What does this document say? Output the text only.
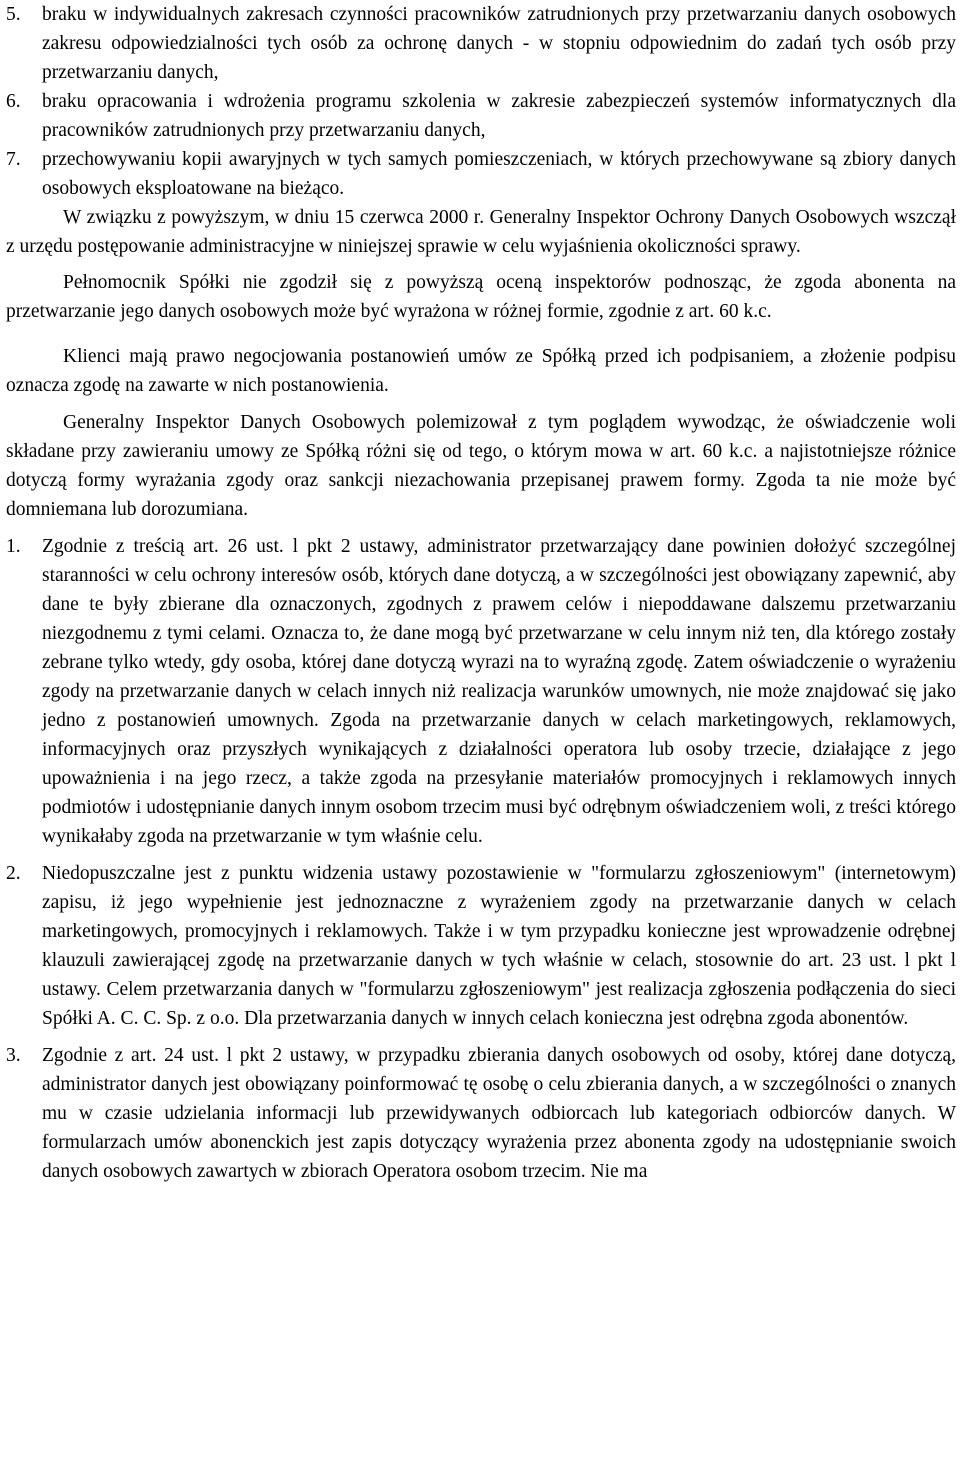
5.	braku w indywidualnych zakresach czynności pracowników zatrudnionych przy przetwarzaniu danych osobowych zakresu odpowiedzialności tych osób za ochronę danych - w stopniu odpowiednim do zadań tych osób przy przetwarzaniu danych,
6.	braku opracowania i wdrożenia programu szkolenia w zakresie zabezpieczeń systemów informatycznych dla pracowników zatrudnionych przy przetwarzaniu danych,
7.	przechowywaniu kopii awaryjnych w tych samych pomieszczeniach, w których przechowywane są zbiory danych osobowych eksploatowane na bieżąco.
W związku z powyższym, w dniu 15 czerwca 2000 r. Generalny Inspektor Ochrony Danych Osobowych wszczął z urzędu postępowanie administracyjne w niniejszej sprawie w celu wyjaśnienia okoliczności sprawy.
Pełnomocnik Spółki nie zgodził się z powyższą oceną inspektorów podnosząc, że zgoda abonenta na przetwarzanie jego danych osobowych może być wyrażona w różnej formie, zgodnie z art. 60 k.c.
Klienci mają prawo negocjowania postanowień umów ze Spółką przed ich podpisaniem, a złożenie podpisu oznacza zgodę na zawarte w nich postanowienia.
Generalny Inspektor Danych Osobowych polemizował z tym poglądem wywodząc, że oświadczenie woli składane przy zawieraniu umowy ze Spółką różni się od tego, o którym mowa w art. 60 k.c. a najistotniejsze różnice dotyczą formy wyrażania zgody oraz sankcji niezachowania przepisanej prawem formy. Zgoda ta nie może być domniemana lub dorozumiana.
1.	Zgodnie z treścią art. 26 ust. l pkt 2 ustawy, administrator przetwarzający dane powinien dołożyć szczególnej staranności w celu ochrony interesów osób, których dane dotyczą, a w szczególności jest obowiązany zapewnić, aby dane te były zbierane dla oznaczonych, zgodnych z prawem celów i niepoddawane dalszemu przetwarzaniu niezgodnemu z tymi celami. Oznacza to, że dane mogą być przetwarzane w celu innym niż ten, dla którego zostały zebrane tylko wtedy, gdy osoba, której dane dotyczą wyrazi na to wyraźną zgodę. Zatem oświadczenie o wyrażeniu zgody na przetwarzanie danych w celach innych niż realizacja warunków umownych, nie może znajdować się jako jedno z postanowień umownych. Zgoda na przetwarzanie danych w celach marketingowych, reklamowych, informacyjnych oraz przyszłych wynikających z działalności operatora lub osoby trzecie, działające z jego upoważnienia i na jego rzecz, a także zgoda na przesyłanie materiałów promocyjnych i reklamowych innych podmiotów i udostępnianie danych innym osobom trzecim musi być odrębnym oświadczeniem woli, z treści którego wynikałaby zgoda na przetwarzanie w tym właśnie celu.
2.	Niedopuszczalne jest z punktu widzenia ustawy pozostawienie w "formularzu zgłoszeniowym" (internetowym) zapisu, iż jego wypełnienie jest jednoznaczne z wyrażeniem zgody na przetwarzanie danych w celach marketingowych, promocyjnych i reklamowych. Także i w tym przypadku konieczne jest wprowadzenie odrębnej klauzuli zawierającej zgodę na przetwarzanie danych w tych właśnie w celach, stosownie do art. 23 ust. l pkt l ustawy. Celem przetwarzania danych w "formularzu zgłoszeniowym" jest realizacja zgłoszenia podłączenia do sieci Spółki A. C. C. Sp. z o.o. Dla przetwarzania danych w innych celach konieczna jest odrębna zgoda abonentów.
3.	Zgodnie z art. 24 ust. l pkt 2 ustawy, w przypadku zbierania danych osobowych od osoby, której dane dotyczą, administrator danych jest obowiązany poinformować tę osobę o celu zbierania danych, a w szczególności o znanych mu w czasie udzielania informacji lub przewidywanych odbiorcach lub kategoriach odbiorców danych. W formularzach umów abonenckich jest zapis dotyczący wyrażenia przez abonenta zgody na udostępnianie swoich danych osobowych zawartych w zbiorach Operatora osobom trzecim. Nie ma
